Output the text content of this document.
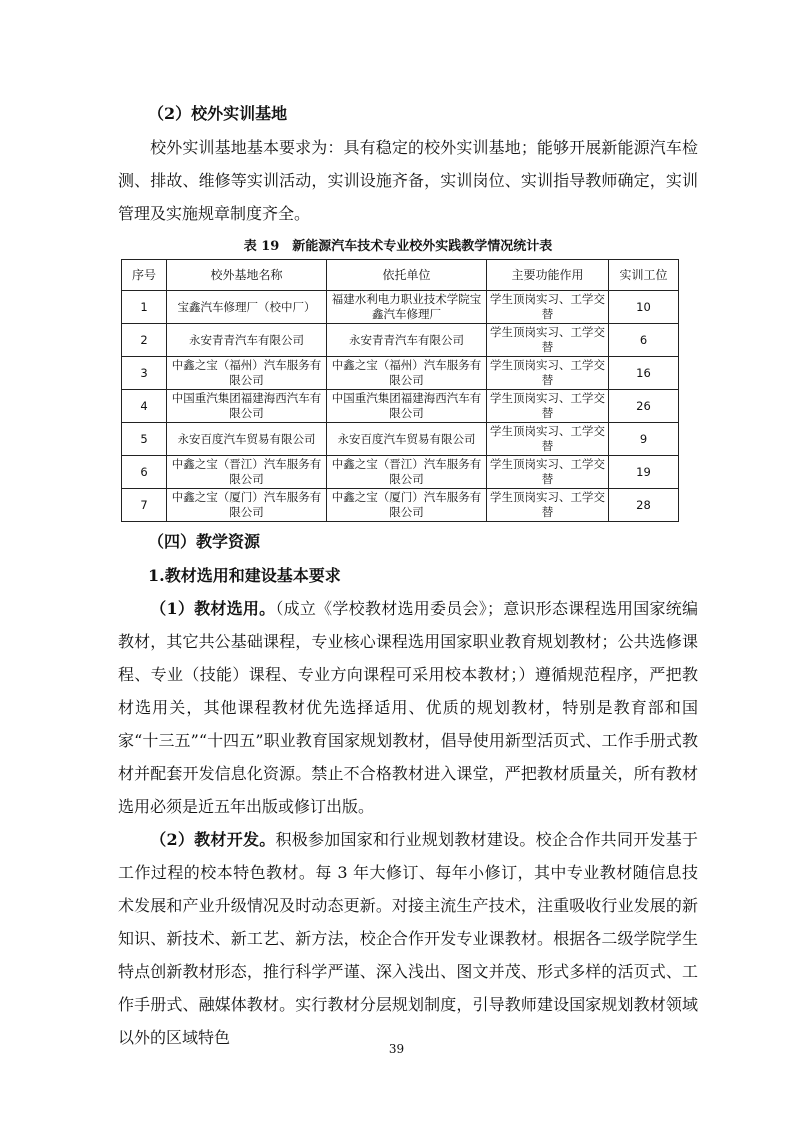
（2）校外实训基地
校外实训基地基本要求为：具有稳定的校外实训基地；能够开展新能源汽车检测、排故、维修等实训活动，实训设施齐备，实训岗位、实训指导教师确定，实训管理及实施规章制度齐全。
表 19　新能源汽车技术专业校外实践教学情况统计表
序号	校外基地名称	依托单位	主要功能作用	实训工位
1	宝鑫汽车修理厂（校中厂）	福建水利电力职业技术学院宝鑫汽车修理厂	学生顶岗实习、工学交替	10
2	永安青青汽车有限公司	永安青青汽车有限公司	学生顶岗实习、工学交替	6
3	中鑫之宝（福州）汽车服务有限公司	中鑫之宝（福州）汽车服务有限公司	学生顶岗实习、工学交替	16
4	中国重汽集团福建海西汽车有限公司	中国重汽集团福建海西汽车有限公司	学生顶岗实习、工学交替	26
5	永安百度汽车贸易有限公司	永安百度汽车贸易有限公司	学生顶岗实习、工学交替	9
6	中鑫之宝（晋江）汽车服务有限公司	中鑫之宝（晋江）汽车服务有限公司	学生顶岗实习、工学交替	19
7	中鑫之宝（厦门）汽车服务有限公司	中鑫之宝（厦门）汽车服务有限公司	学生顶岗实习、工学交替	28
（四）教学资源
1.教材选用和建设基本要求
（1）教材选用。（成立《学校教材选用委员会》；意识形态课程选用国家统编教材，其它共公基础课程，专业核心课程选用国家职业教育规划教材；公共选修课程、专业（技能）课程、专业方向课程可采用校本教材；）遵循规范程序，严把教材选用关，其他课程教材优先选择适用、优质的规划教材，特别是教育部和国家“十三五”“十四五”职业教育国家规划教材，倡导使用新型活页式、工作手册式教材并配套开发信息化资源。禁止不合格教材进入课堂，严把教材质量关，所有教材选用必须是近五年出版或修订出版。
（2）教材开发。积极参加国家和行业规划教材建设。校企合作共同开发基于工作过程的校本特色教材。每 3 年大修订、每年小修订，其中专业教材随信息技术发展和产业升级情况及时动态更新。对接主流生产技术，注重吸收行业发展的新知识、新技术、新工艺、新方法，校企合作开发专业课教材。根据各二级学院学生特点创新教材形态，推行科学严谨、深入浅出、图文并茂、形式多样的活页式、工作手册式、融媒体教材。实行教材分层规划制度，引导教师建设国家规划教材领域以外的区域特色
39
